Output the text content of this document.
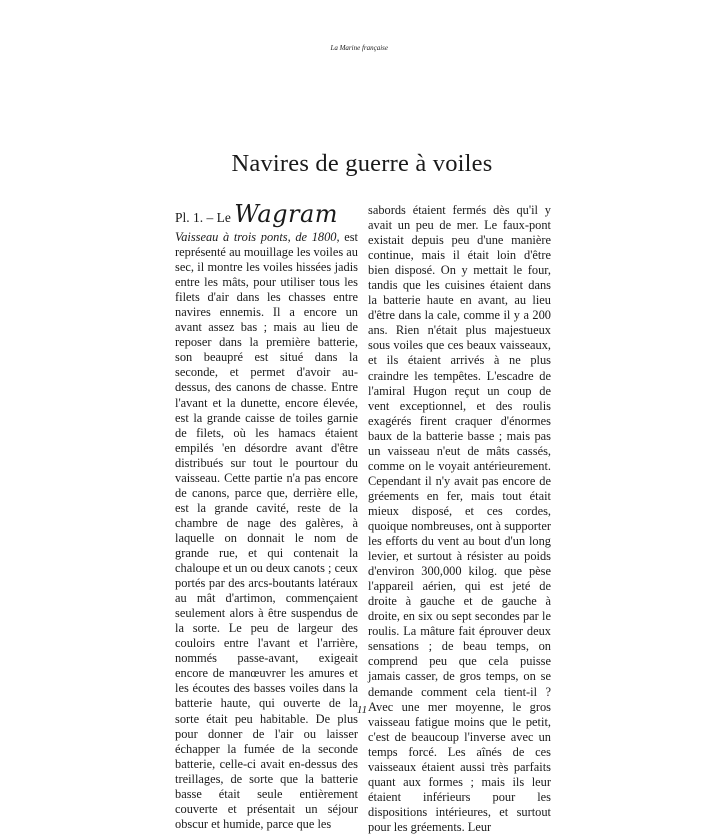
La Marine française
Navires de guerre à voiles
Pl. 1. – Le Wagram

Vaisseau à trois ponts, de 1800, est représenté au mouillage les voiles au sec, il montre les voiles hissées jadis entre les mâts, pour utiliser tous les filets d'air dans les chasses entre navires ennemis. Il a encore un avant assez bas ; mais au lieu de reposer dans la première batterie, son beaupré est situé dans la seconde, et permet d'avoir au-dessus, des canons de chasse. Entre l'avant et la dunette, encore élevée, est la grande caisse de toiles garnie de filets, où les hamacs étaient empilés 'en désordre avant d'être distribués sur tout le pourtour du vaisseau. Cette partie n'a pas encore de canons, parce que, derrière elle, est la grande cavité, reste de la chambre de nage des galères, à laquelle on donnait le nom de grande rue, et qui contenait la chaloupe et un ou deux canots ; ceux portés par des arcs-boutants latéraux au mât d'artimon, commençaient seulement alors à être suspendus de la sorte. Le peu de largeur des couloirs entre l'avant et l'arrière, nommés passe-avant, exigeait encore de manœuvrer les amures et les écoutes des basses voiles dans la batterie haute, qui ouverte de la sorte était peu habitable. De plus pour donner de l'air ou laisser échapper la fumée de la seconde batterie, celle-ci avait en-dessus des treillages, de sorte que la batterie basse était seule entièrement couverte et présentait un séjour obscur et humide, parce que les

sabords étaient fermés dès qu'il y avait un peu de mer. Le faux-pont existait depuis peu d'une manière continue, mais il était loin d'être bien disposé. On y mettait le four, tandis que les cuisines étaient dans la batterie haute en avant, au lieu d'être dans la cale, comme il y a 200 ans. Rien n'était plus majestueux sous voiles que ces beaux vaisseaux, et ils étaient arrivés à ne plus craindre les tempêtes. L'escadre de l'amiral Hugon reçut un coup de vent exceptionnel, et des roulis exagérés firent craquer d'énormes baux de la batterie basse ; mais pas un vaisseau n'eut de mâts cassés, comme on le voyait antérieurement. Cependant il n'y avait pas encore de gréements en fer, mais tout était mieux disposé, et ces cordes, quoique nombreuses, ont à supporter les efforts du vent au bout d'un long levier, et surtout à résister au poids d'environ 300,000 kilog. que pèse l'appareil aérien, qui est jeté de droite à gauche et de gauche à droite, en six ou sept secondes par le roulis. La mâture fait éprouver deux sensations ; de beau temps, on comprend peu que cela puisse jamais casser, de gros temps, on se demande comment cela tient-il ? Avec une mer moyenne, le gros vaisseau fatigue moins que le petit, c'est de beaucoup l'inverse avec un temps forcé. Les aînés de ces vaisseaux étaient aussi très parfaits quant aux formes ; mais ils leur étaient inférieurs pour les dispositions intérieures, et surtout pour les gréements. Leur

11
